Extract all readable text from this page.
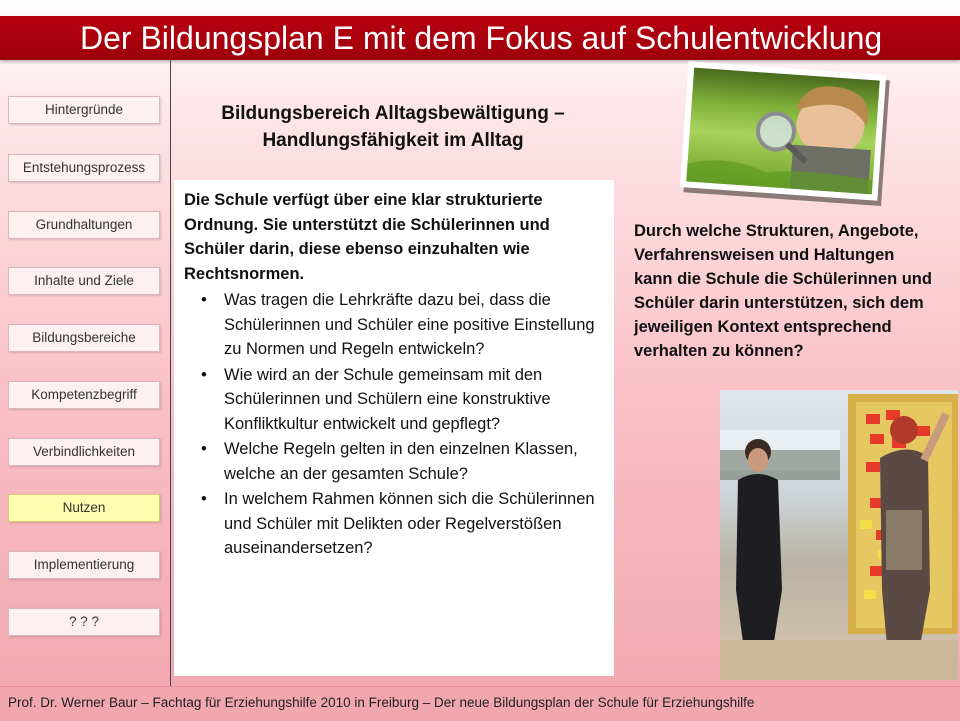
Der Bildungsplan E mit dem Fokus auf Schulentwicklung
Hintergründe
Entstehungsprozess
Grundhaltungen
Inhalte und Ziele
Bildungsbereiche
Kompetenzbegriff
Verbindlichkeiten
Nutzen
Implementierung
? ? ?
Bildungsbereich Alltagsbewältigung –
Handlungsfähigkeit im Alltag

Die Schule verfügt über eine klar strukturierte Ordnung. Sie unterstützt die Schülerinnen und Schüler darin, diese ebenso einzuhalten wie Rechtsnormen.

• Was tragen die Lehrkräfte dazu bei, dass die Schülerinnen und Schüler eine positive Einstellung zu Normen und Regeln entwickeln?
• Wie wird an der Schule gemeinsam mit den Schülerinnen und Schülern eine konstruktive Konfliktkultur entwickelt und gepflegt?
• Welche Regeln gelten in den einzelnen Klassen, welche an der gesamten Schule?
• In welchem Rahmen können sich die Schülerinnen und Schüler mit Delikten oder Regelverstößen auseinandersetzen?
Durch welche Strukturen, Angebote, Verfahrensweisen und Haltungen kann die Schule die Schülerinnen und Schüler darin unterstützen, sich dem jeweiligen Kontext entsprechend verhalten zu können?
Prof. Dr. Werner Baur – Fachtag für Erziehungshilfe 2010 in Freiburg – Der neue Bildungsplan der Schule für Erziehungshilfe
